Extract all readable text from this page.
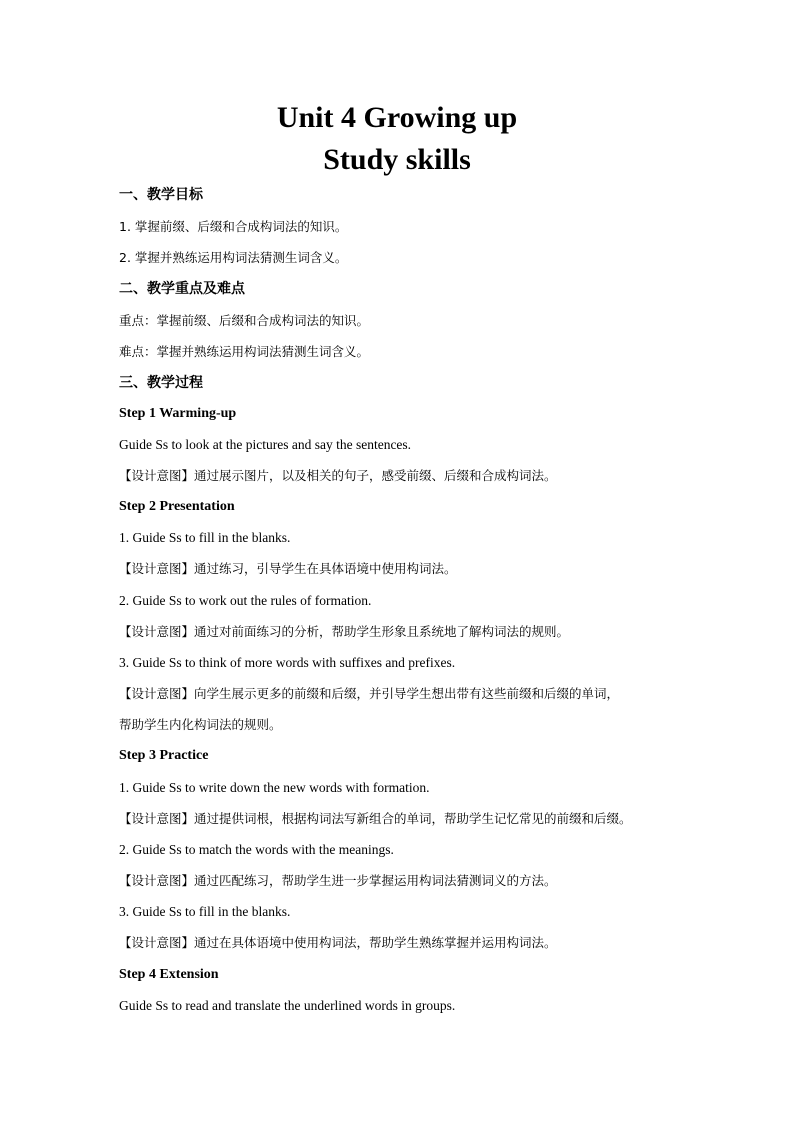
Unit 4 Growing up
Study skills
一、教学目标
1. 掌握前缀、后缀和合成构词法的知识。
2. 掌握并熟练运用构词法猜测生词含义。
二、教学重点及难点
重点：掌握前缀、后缀和合成构词法的知识。
难点：掌握并熟练运用构词法猜测生词含义。
三、教学过程
Step 1 Warming-up
Guide Ss to look at the pictures and say the sentences.
【设计意图】通过展示图片，以及相关的句子，感受前缀、后缀和合成构词法。
Step 2 Presentation
1. Guide Ss to fill in the blanks.
【设计意图】通过练习，引导学生在具体语境中使用构词法。
2. Guide Ss to work out the rules of formation.
【设计意图】通过对前面练习的分析，帮助学生形象且系统地了解构词法的规则。
3. Guide Ss to think of more words with suffixes and prefixes.
【设计意图】向学生展示更多的前缀和后缀，并引导学生想出带有这些前缀和后缀的单词，
帮助学生内化构词法的规则。
Step 3 Practice
1. Guide Ss to write down the new words with formation.
【设计意图】通过提供词根，根据构词法写新组合的单词，帮助学生记忆常见的前缀和后缀。
2. Guide Ss to match the words with the meanings.
【设计意图】通过匹配练习，帮助学生进一步掌握运用构词法猜测词义的方法。
3. Guide Ss to fill in the blanks.
【设计意图】通过在具体语境中使用构词法，帮助学生熟练掌握并运用构词法。
Step 4 Extension
Guide Ss to read and translate the underlined words in groups.
